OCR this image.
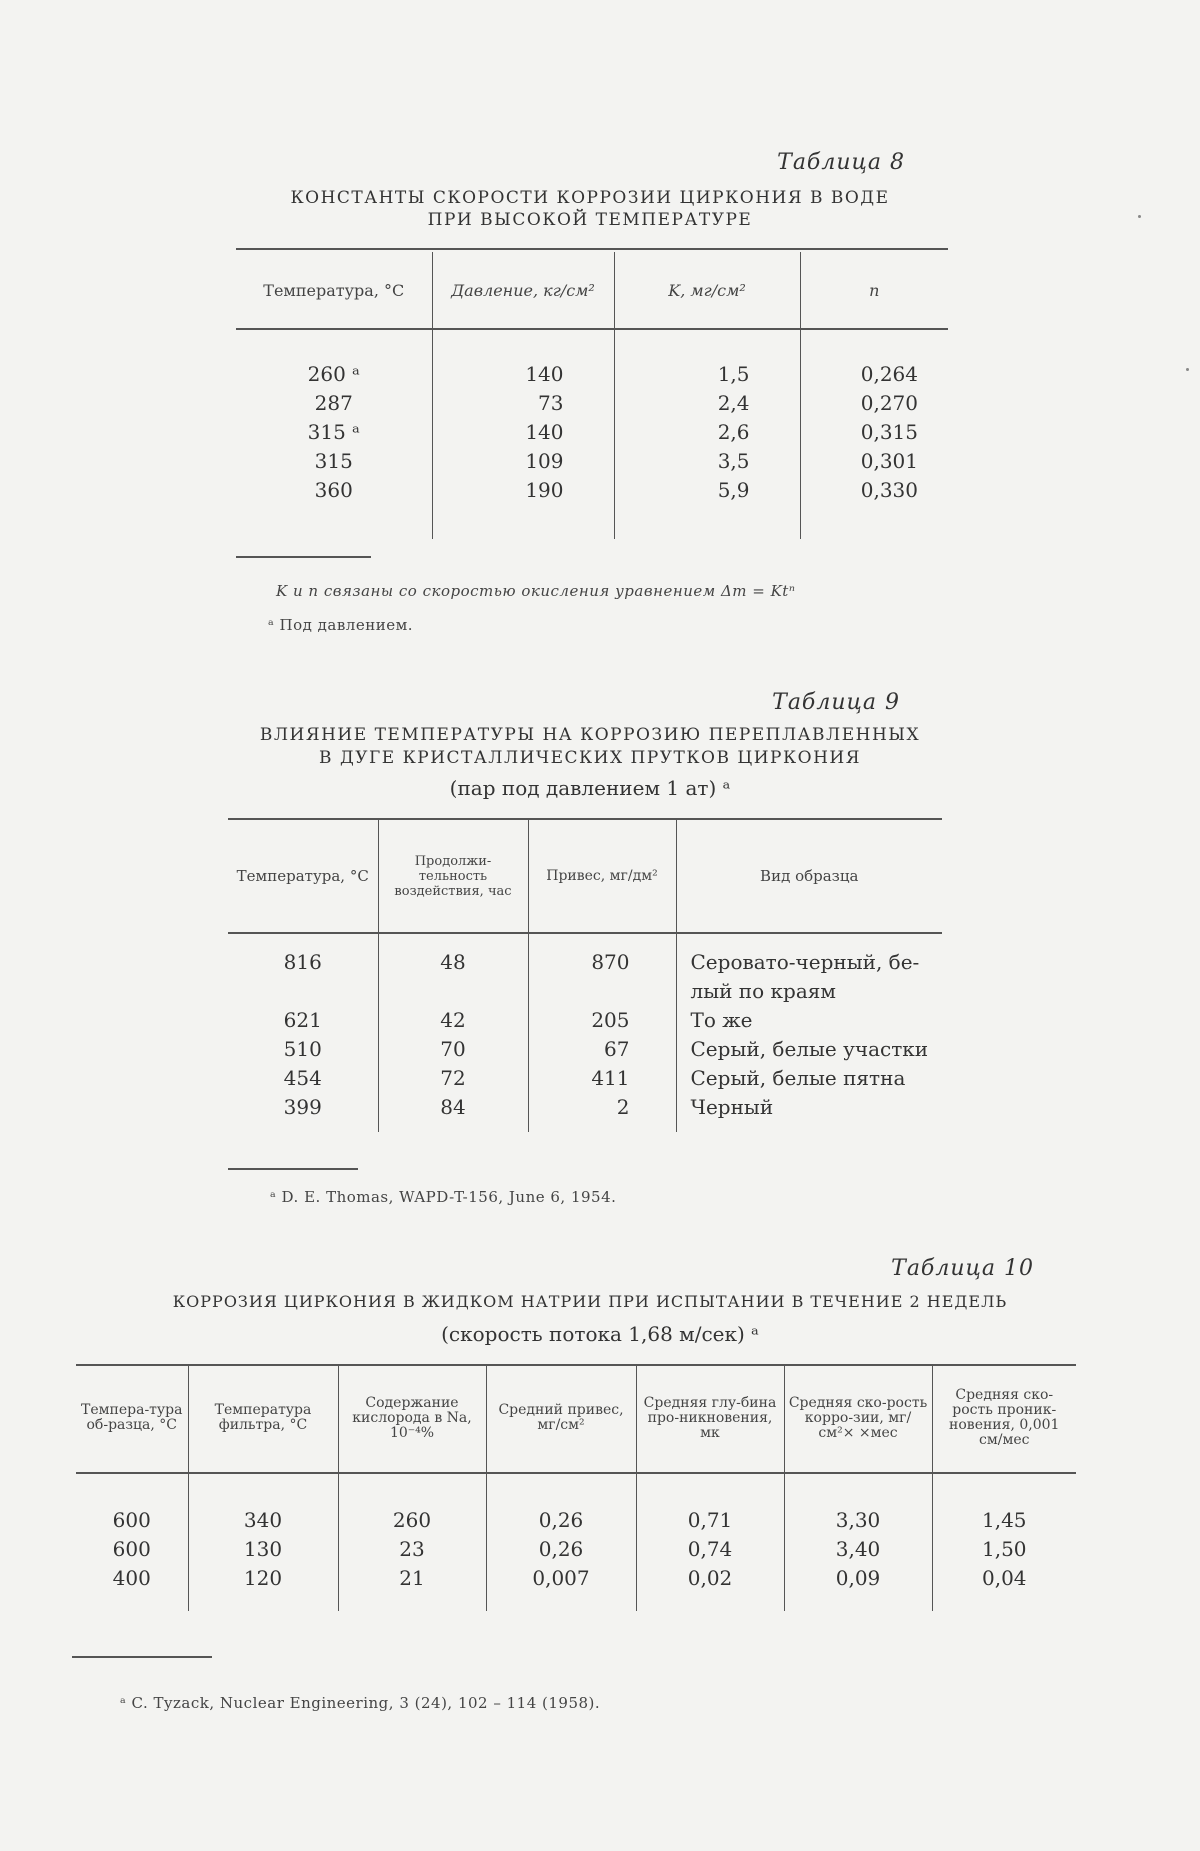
Таблица 8
КОНСТАНТЫ СКОРОСТИ КОРРОЗИИ ЦИРКОНИЯ В ВОДЕ
ПРИ ВЫСОКОЙ ТЕМПЕРАТУРЕ
Температура, °C	Давление, кг/см²	K, мг/см²	n

260 ᵃ	140	1,5	0,264
287	73	2,4	0,270
315 ᵃ	140	2,6	0,315
315	109	3,5	0,301
360	190	5,9	0,330

K и n связаны со скоростью окисления уравнением Δm = Ktⁿ
ᵃ Под давлением.
Таблица 9
ВЛИЯНИЕ ТЕМПЕРАТУРЫ НА КОРРОЗИЮ ПЕРЕПЛАВЛЕННЫХ
В ДУГЕ КРИСТАЛЛИЧЕСКИХ ПРУТКОВ ЦИРКОНИЯ
(пар под давлением 1 ат) ᵃ
Температура, °C	Продолжи-тельность воздействия, час	Привес, мг/дм²	Вид образца

816	48	870	Серовато-черный, бе-лый по краям
621	42	205	То же
510	70	67	Серый, белые участки
454	72	411	Серый, белые пятна
399	84	2	Черный

ᵃ D. E. Thomas, WAPD-T-156, June 6, 1954.
Таблица 10
КОРРОЗИЯ ЦИРКОНИЯ В ЖИДКОМ НАТРИИ ПРИ ИСПЫТАНИИ В ТЕЧЕНИЕ 2 НЕДЕЛЬ
(скорость потока 1,68 м/сек) ᵃ
Темпера-тура об-разца, °C	Температура фильтра, °C	Содержание кислорода в Na, 10⁻⁴%	Средний привес, мг/см²	Средняя глу-бина про-никновения, мк	Средняя ско-рость корро-зии, мг/см²× ×мес	Средняя ско-рость проник-новения, 0,001 см/мес

600	340	260	0,26	0,71	3,30	1,45
600	130	23	0,26	0,74	3,40	1,50
400	120	21	0,007	0,02	0,09	0,04

ᵃ C. Tyzack, Nuclear Engineering, 3 (24), 102 – 114 (1958).
